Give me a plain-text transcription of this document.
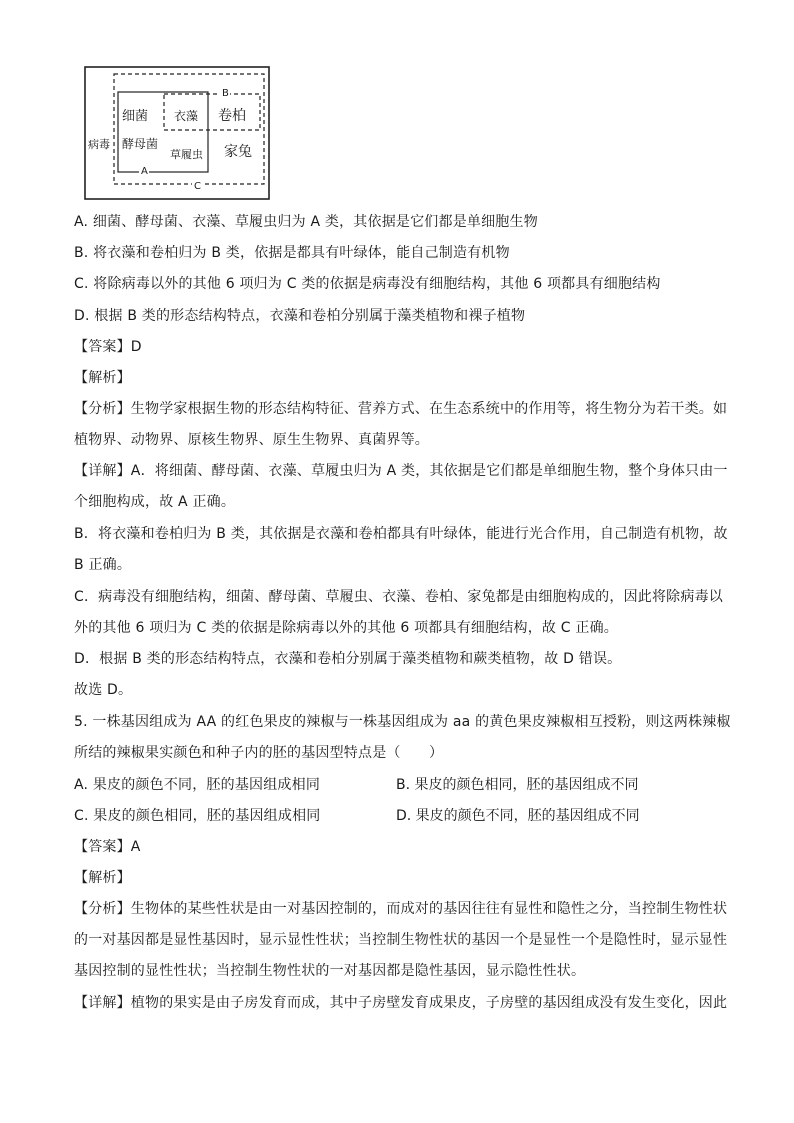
病毒
细菌
酵母菌
衣藻
草履虫
卷柏
家兔
A
B
C
A. 细菌、酵母菌、衣藻、草履虫归为 A 类，其依据是它们都是单细胞生物
B. 将衣藻和卷柏归为 B 类，依据是都具有叶绿体，能自己制造有机物
C. 将除病毒以外的其他 6 项归为 C 类的依据是病毒没有细胞结构，其他 6 项都具有细胞结构
D. 根据 B 类的形态结构特点，衣藻和卷柏分别属于藻类植物和裸子植物
【答案】D
【解析】
【分析】生物学家根据生物的形态结构特征、营养方式、在生态系统中的作用等，将生物分为若干类。如
植物界、动物界、原核生物界、原生生物界、真菌界等。
【详解】A．将细菌、酵母菌、衣藻、草履虫归为 A 类，其依据是它们都是单细胞生物，整个身体只由一
个细胞构成，故 A 正确。
B．将衣藻和卷柏归为 B 类，其依据是衣藻和卷柏都具有叶绿体，能进行光合作用，自己制造有机物，故
B 正确。
C．病毒没有细胞结构，细菌、酵母菌、草履虫、衣藻、卷柏、家兔都是由细胞构成的，因此将除病毒以
外的其他 6 项归为 C 类的依据是除病毒以外的其他 6 项都具有细胞结构，故 C 正确。
D．根据 B 类的形态结构特点，衣藻和卷柏分别属于藻类植物和蕨类植物，故 D 错误。
故选 D。
5. 一株基因组成为 AA 的红色果皮的辣椒与一株基因组成为 aa 的黄色果皮辣椒相互授粉，则这两株辣椒
所结的辣椒果实颜色和种子内的胚的基因型特点是（　　）
A. 果皮的颜色不同，胚的基因组成相同	B. 果皮的颜色相同，胚的基因组成不同
C. 果皮的颜色相同，胚的基因组成相同	D. 果皮的颜色不同，胚的基因组成不同
【答案】A
【解析】
【分析】生物体的某些性状是由一对基因控制的，而成对的基因往往有显性和隐性之分，当控制生物性状
的一对基因都是显性基因时，显示显性性状；当控制生物性状的基因一个是显性一个是隐性时，显示显性
基因控制的显性性状；当控制生物性状的一对基因都是隐性基因，显示隐性性状。
【详解】植物的果实是由子房发育而成，其中子房壁发育成果皮，子房壁的基因组成没有发生变化，因此
